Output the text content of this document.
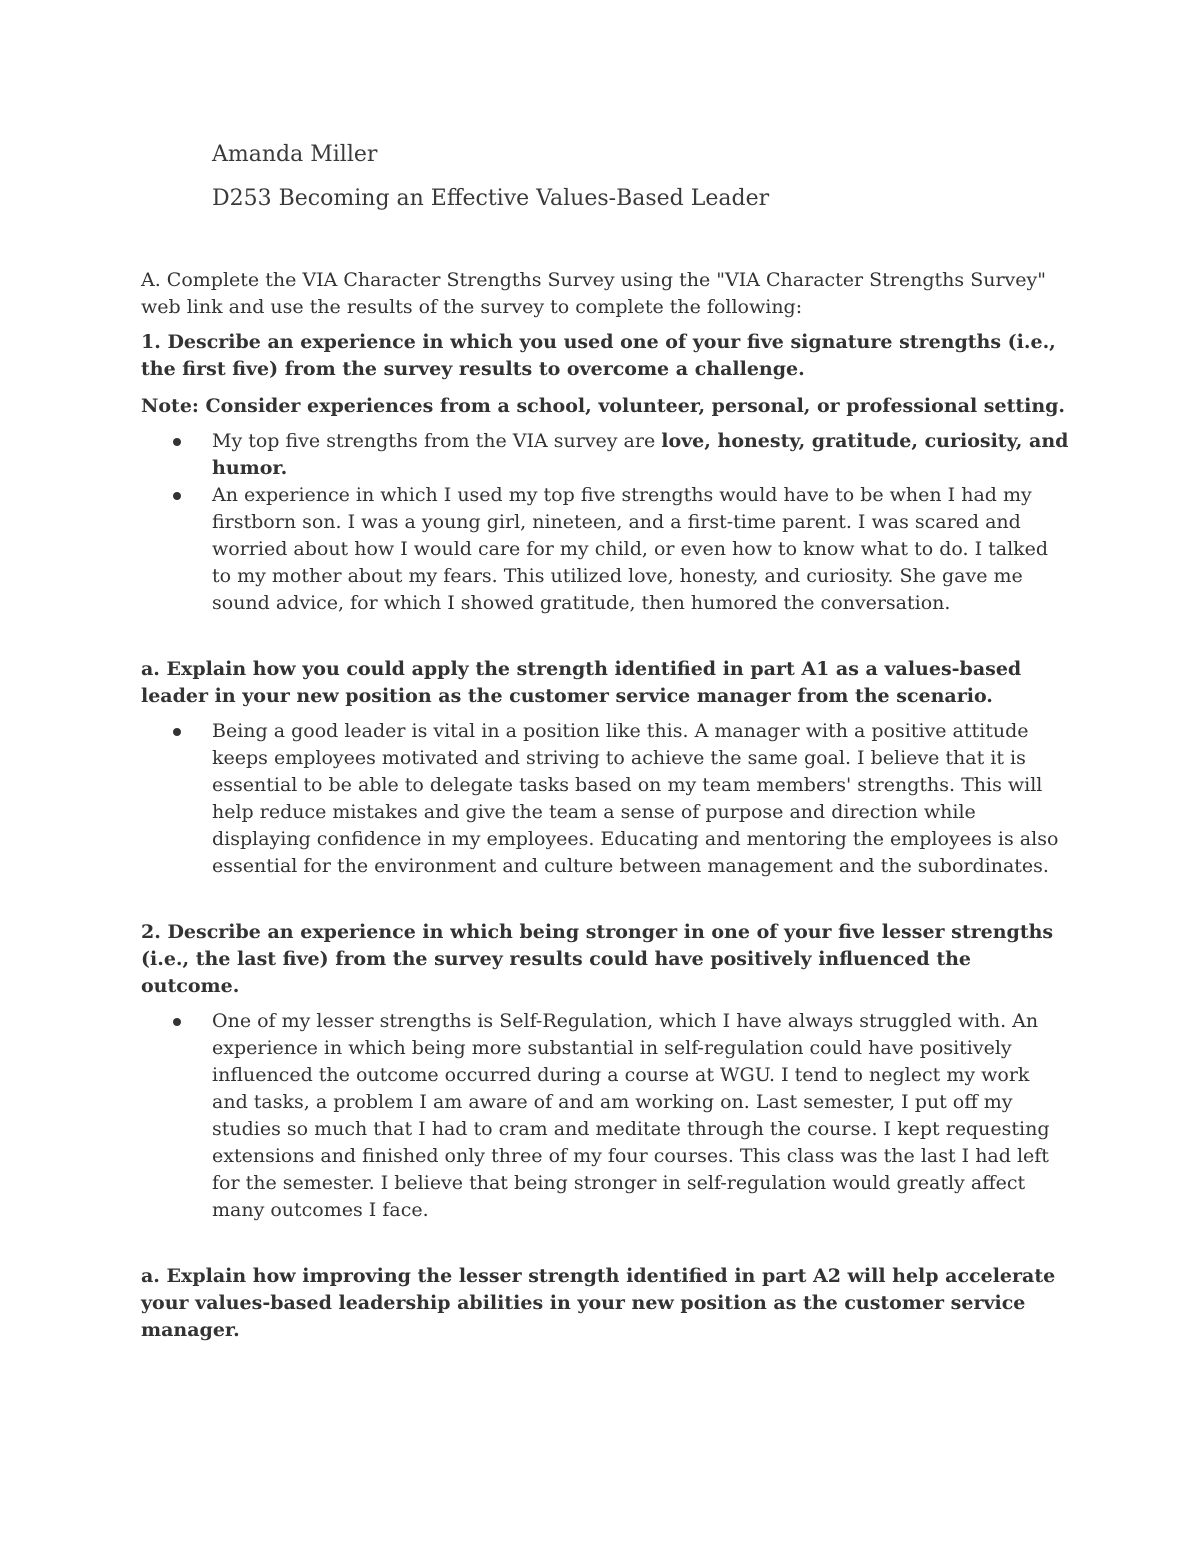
Amanda Miller
D253 Becoming an Effective Values-Based Leader

A. Complete the VIA Character Strengths Survey using the "VIA Character Strengths Survey" web link and use the results of the survey to complete the following:

1. Describe an experience in which you used one of your five signature strengths (i.e., the first five) from the survey results to overcome a challenge.

Note: Consider experiences from a school, volunteer, personal, or professional setting.

My top five strengths from the VIA survey are love, honesty, gratitude, curiosity, and humor.
An experience in which I used my top five strengths would have to be when I had my firstborn son. I was a young girl, nineteen, and a first-time parent. I was scared and worried about how I would care for my child, or even how to know what to do. I talked to my mother about my fears. This utilized love, honesty, and curiosity. She gave me sound advice, for which I showed gratitude, then humored the conversation.

a. Explain how you could apply the strength identified in part A1 as a values-based leader in your new position as the customer service manager from the scenario.

Being a good leader is vital in a position like this. A manager with a positive attitude keeps employees motivated and striving to achieve the same goal. I believe that it is essential to be able to delegate tasks based on my team members' strengths. This will help reduce mistakes and give the team a sense of purpose and direction while displaying confidence in my employees. Educating and mentoring the employees is also essential for the environment and culture between management and the subordinates.

2. Describe an experience in which being stronger in one of your five lesser strengths (i.e., the last five) from the survey results could have positively influenced the outcome.

One of my lesser strengths is Self-Regulation, which I have always struggled with. An experience in which being more substantial in self-regulation could have positively influenced the outcome occurred during a course at WGU. I tend to neglect my work and tasks, a problem I am aware of and am working on. Last semester, I put off my studies so much that I had to cram and meditate through the course. I kept requesting extensions and finished only three of my four courses. This class was the last I had left for the semester. I believe that being stronger in self-regulation would greatly affect many outcomes I face.

a. Explain how improving the lesser strength identified in part A2 will help accelerate your values-based leadership abilities in your new position as the customer service manager.
